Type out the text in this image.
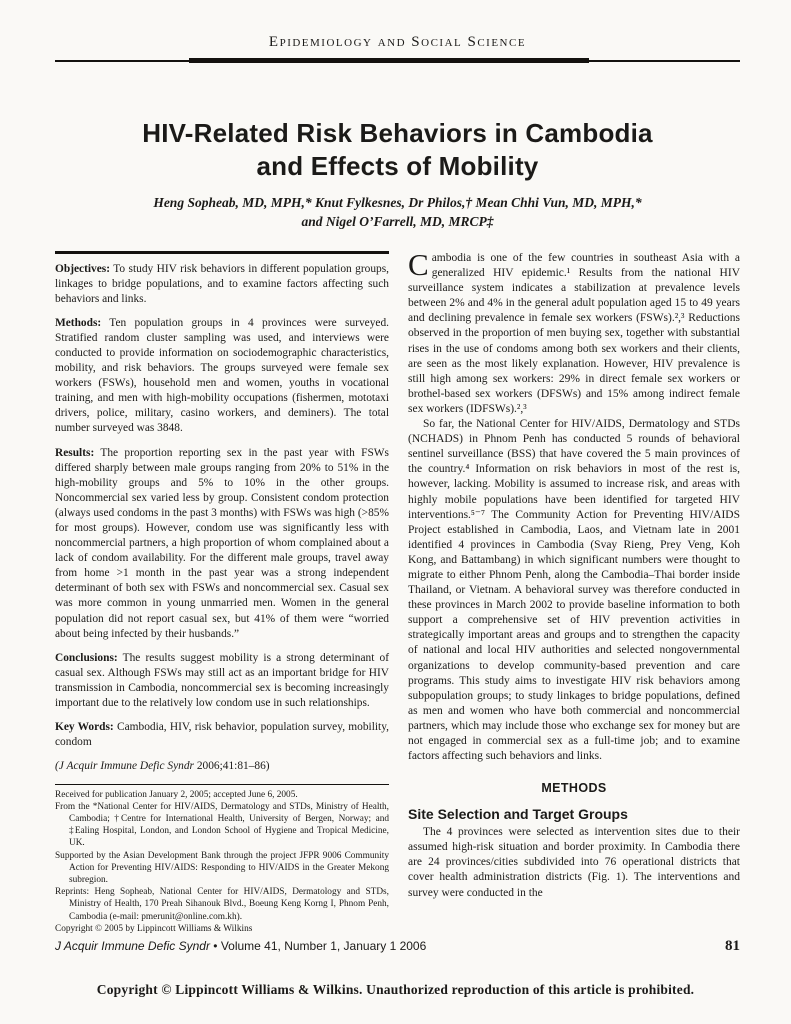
Epidemiology and Social Science
HIV-Related Risk Behaviors in Cambodia
and Effects of Mobility
Heng Sopheab, MD, MPH,* Knut Fylkesnes, Dr Philos,† Mean Chhi Vun, MD, MPH,*
and Nigel O’Farrell, MD, MRCP‡

Objectives: To study HIV risk behaviors in different population groups, linkages to bridge populations, and to examine factors affecting such behaviors and links.

Methods: Ten population groups in 4 provinces were surveyed. Stratified random cluster sampling was used, and interviews were conducted to provide information on sociodemographic characteristics, mobility, and risk behaviors. The groups surveyed were female sex workers (FSWs), household men and women, youths in vocational training, and men with high-mobility occupations (fishermen, mototaxi drivers, police, military, casino workers, and deminers). The total number surveyed was 3848.

Results: The proportion reporting sex in the past year with FSWs differed sharply between male groups ranging from 20% to 51% in the high-mobility groups and 5% to 10% in the other groups. Noncommercial sex varied less by group. Consistent condom protection (always used condoms in the past 3 months) with FSWs was high (>85% for most groups). However, condom use was significantly less with noncommercial partners, a high proportion of whom complained about a lack of condom availability. For the different male groups, travel away from home >1 month in the past year was a strong independent determinant of both sex with FSWs and noncommercial sex. Casual sex was more common in young unmarried men. Women in the general population did not report casual sex, but 41% of them were “worried about being infected by their husbands.”

Conclusions: The results suggest mobility is a strong determinant of casual sex. Although FSWs may still act as an important bridge for HIV transmission in Cambodia, noncommercial sex is becoming increasingly important due to the relatively low condom use in such relationships.

Key Words: Cambodia, HIV, risk behavior, population survey, mobility, condom

(J Acquir Immune Defic Syndr 2006;41:81–86)

Received for publication January 2, 2005; accepted June 6, 2005.

From the *National Center for HIV/AIDS, Dermatology and STDs, Ministry of Health, Cambodia; †Centre for International Health, University of Bergen, Norway; and ‡Ealing Hospital, London, and London School of Hygiene and Tropical Medicine, UK.

Supported by the Asian Development Bank through the project JFPR 9006 Community Action for Preventing HIV/AIDS: Responding to HIV/AIDS in the Greater Mekong subregion.

Reprints: Heng Sopheab, National Center for HIV/AIDS, Dermatology and STDs, Ministry of Health, 170 Preah Sihanouk Blvd., Boeung Keng Korng I, Phnom Penh, Cambodia (e-mail: pmerunit@online.com.kh).

Copyright © 2005 by Lippincott Williams & Wilkins

Cambodia is one of the few countries in southeast Asia with a generalized HIV epidemic.¹ Results from the national HIV surveillance system indicates a stabilization at prevalence levels between 2% and 4% in the general adult population aged 15 to 49 years and declining prevalence in female sex workers (FSWs).²,³ Reductions observed in the proportion of men buying sex, together with substantial rises in the use of condoms among both sex workers and their clients, are seen as the most likely explanation. However, HIV prevalence is still high among sex workers: 29% in direct female sex workers or brothel-based sex workers (DFSWs) and 15% among indirect female sex workers (IDFSWs).²,³

So far, the National Center for HIV/AIDS, Dermatology and STDs (NCHADS) in Phnom Penh has conducted 5 rounds of behavioral sentinel surveillance (BSS) that have covered the 5 main provinces of the country.⁴ Information on risk behaviors in most of the rest is, however, lacking. Mobility is assumed to increase risk, and areas with highly mobile populations have been identified for targeted HIV interventions.⁵⁻⁷ The Community Action for Preventing HIV/AIDS Project established in Cambodia, Laos, and Vietnam late in 2001 identified 4 provinces in Cambodia (Svay Rieng, Prey Veng, Koh Kong, and Battambang) in which significant numbers were thought to migrate to either Phnom Penh, along the Cambodia–Thai border inside Thailand, or Vietnam. A behavioral survey was therefore conducted in these provinces in March 2002 to provide baseline information to both support a comprehensive set of HIV prevention activities in strategically important areas and groups and to strengthen the capacity of national and local HIV authorities and selected nongovernmental organizations to develop community-based prevention and care programs. This study aims to investigate HIV risk behaviors among subpopulation groups; to study linkages to bridge populations, defined as men and women who have both commercial and noncommercial partners, which may include those who exchange sex for money but are not engaged in commercial sex as a full-time job; and to examine factors affecting such behaviors and links.

METHODS
Site Selection and Target Groups

The 4 provinces were selected as intervention sites due to their assumed high-risk situation and border proximity. In Cambodia there are 24 provinces/cities subdivided into 76 operational districts that cover health administration districts (Fig. 1). The interventions and survey were conducted in the

J Acquir Immune Defic Syndr • Volume 41, Number 1, January 1 2006	81
Copyright © Lippincott Williams & Wilkins. Unauthorized reproduction of this article is prohibited.
